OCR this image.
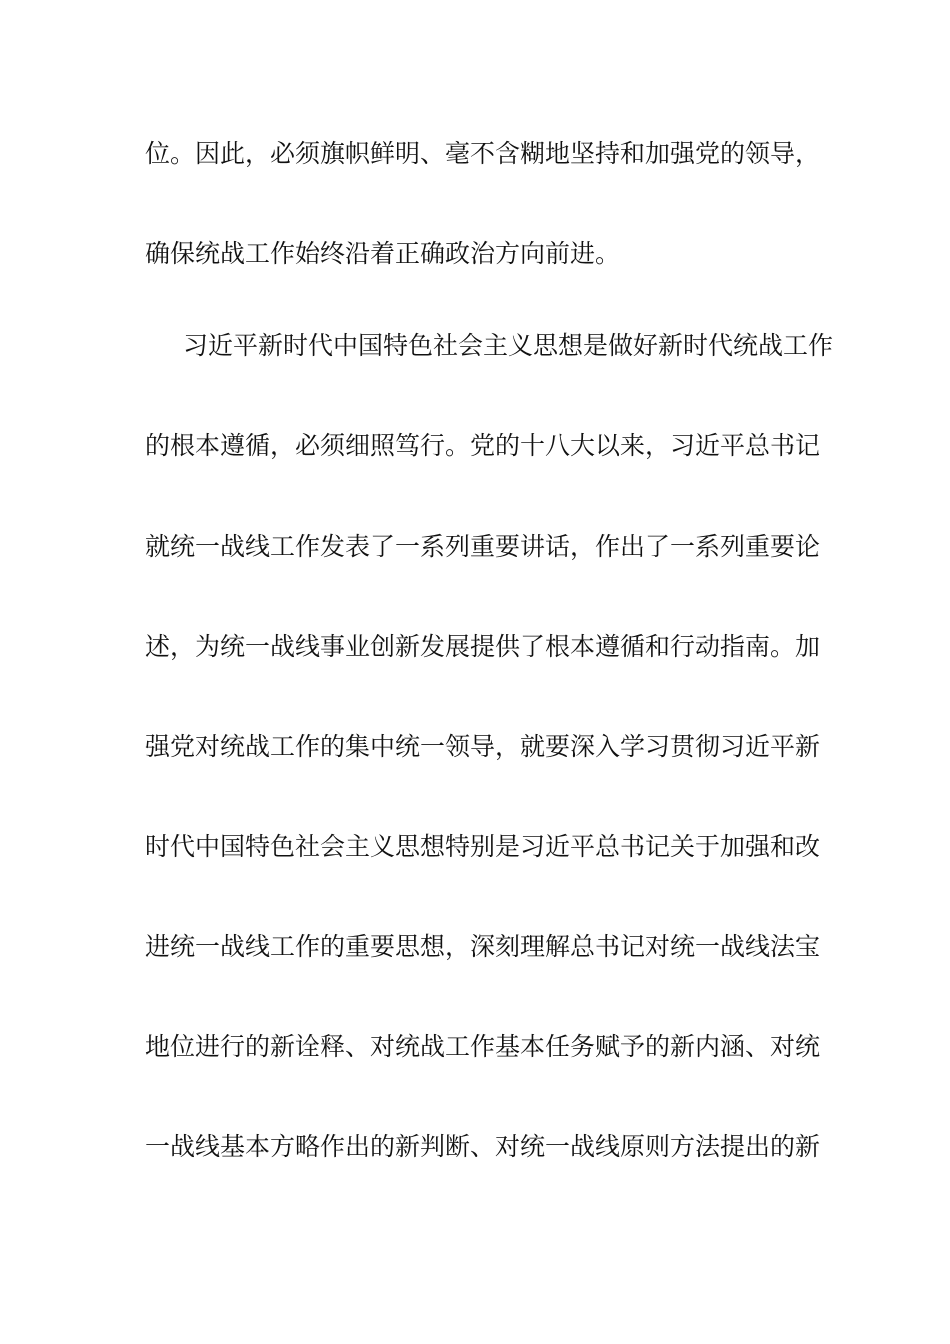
位。因此，必须旗帜鲜明、毫不含糊地坚持和加强党的领导，
确保统战工作始终沿着正确政治方向前进。
习近平新时代中国特色社会主义思想是做好新时代统战工作
的根本遵循，必须细照笃行。党的十八大以来，习近平总书记
就统一战线工作发表了一系列重要讲话，作出了一系列重要论
述，为统一战线事业创新发展提供了根本遵循和行动指南。加
强党对统战工作的集中统一领导，就要深入学习贯彻习近平新
时代中国特色社会主义思想特别是习近平总书记关于加强和改
进统一战线工作的重要思想，深刻理解总书记对统一战线法宝
地位进行的新诠释、对统战工作基本任务赋予的新内涵、对统
一战线基本方略作出的新判断、对统一战线原则方法提出的新
